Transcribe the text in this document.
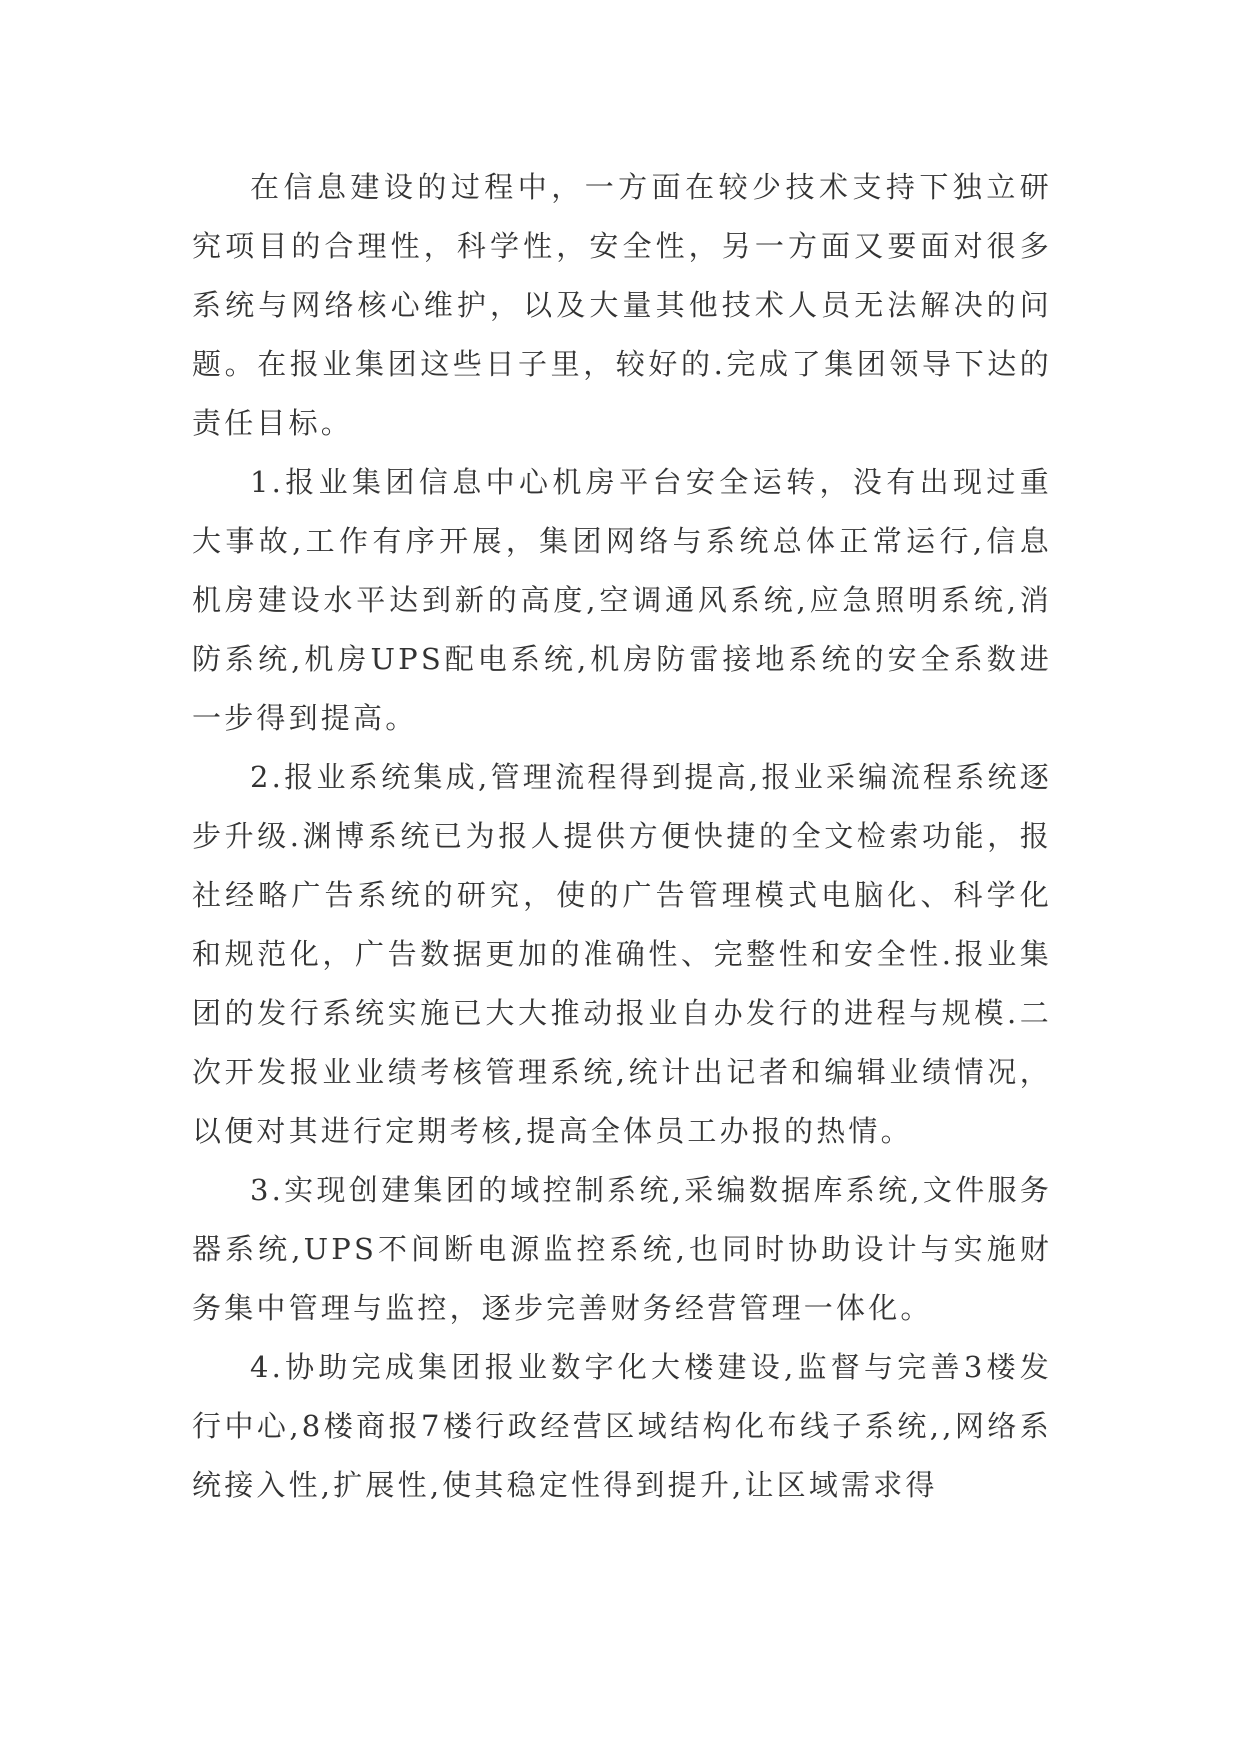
在信息建设的过程中，一方面在较少技术支持下独立研究项目的合理性，科学性，安全性，另一方面又要面对很多系统与网络核心维护，以及大量其他技术人员无法解决的问题。在报业集团这些日子里，较好的.完成了集团领导下达的责任目标。

1.报业集团信息中心机房平台安全运转，没有出现过重大事故,工作有序开展，集团网络与系统总体正常运行,信息机房建设水平达到新的高度,空调通风系统,应急照明系统,消防系统,机房UPS配电系统,机房防雷接地系统的安全系数进一步得到提高。

2.报业系统集成,管理流程得到提高,报业采编流程系统逐步升级.渊博系统已为报人提供方便快捷的全文检索功能，报社经略广告系统的研究，使的广告管理模式电脑化、科学化和规范化，广告数据更加的准确性、完整性和安全性.报业集团的发行系统实施已大大推动报业自办发行的进程与规模.二次开发报业业绩考核管理系统,统计出记者和编辑业绩情况，以便对其进行定期考核,提高全体员工办报的热情。

3.实现创建集团的域控制系统,采编数据库系统,文件服务器系统,UPS不间断电源监控系统,也同时协助设计与实施财务集中管理与监控，逐步完善财务经营管理一体化。

4.协助完成集团报业数字化大楼建设,监督与完善3楼发行中心,8楼商报7楼行政经营区域结构化布线子系统,,网络系统接入性,扩展性,使其稳定性得到提升,让区域需求得
